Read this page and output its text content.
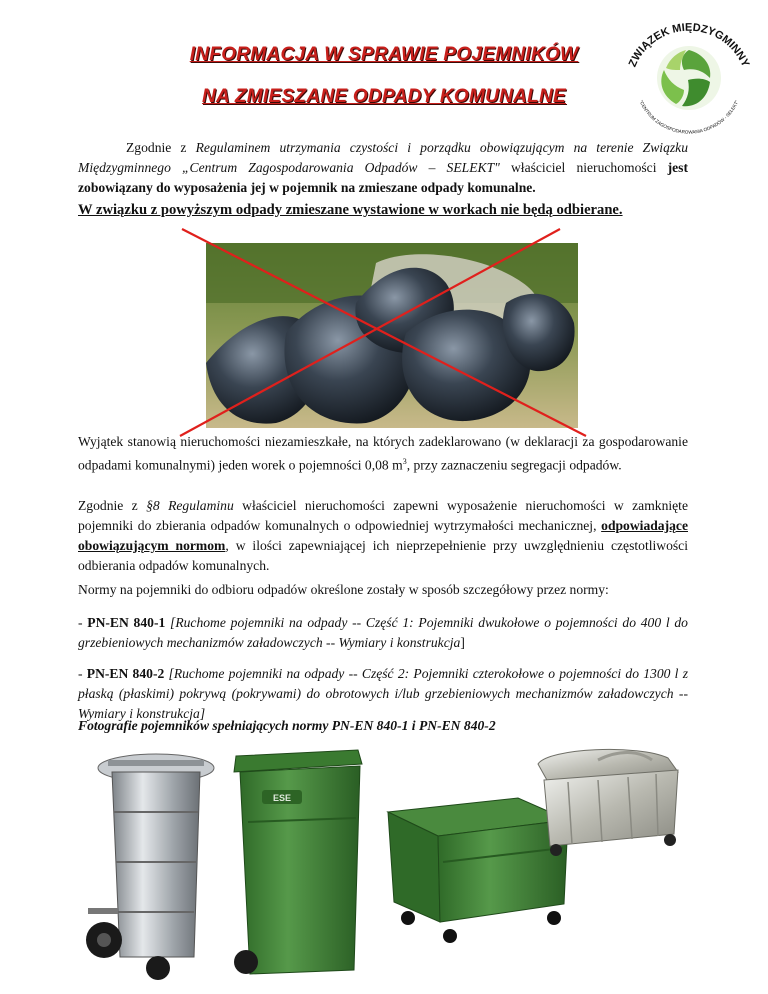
INFORMACJA W SPRAWIE POJEMNIKÓW
NA ZMIESZANE ODPADY KOMUNALNE
ZWIĄZEK MIĘDZYGMINNY
"CENTRUM ZAGOSPODAROWANIA ODPADÓW - SELEKT"

Zgodnie z Regulaminem utrzymania czystości i porządku obowiązującym na terenie Związku Międzygminnego „Centrum Zagospodarowania Odpadów – SELEKT" właściciel nieruchomości jest zobowiązany do wyposażenia jej w pojemnik na zmieszane odpady komunalne.

W związku z powyższym odpady zmieszane wystawione w workach nie będą odbierane.

Wyjątek stanowią nieruchomości niezamieszkałe, na których zadeklarowano (w deklaracji za gospodarowanie odpadami komunalnymi) jeden worek o pojemności 0,08 $m^3$, przy zaznaczeniu segregacji odpadów.

Zgodnie z §8 Regulaminu właściciel nieruchomości zapewni wyposażenie nieruchomości w zamknięte pojemniki do zbierania odpadów komunalnych o odpowiedniej wytrzymałości mechanicznej, odpowiadające obowiązującym normom, w ilości zapewniającej ich nieprzepełnienie przy uwzględnieniu częstotliwości odbierania odpadów komunalnych.

Normy na pojemniki do odbioru odpadów określone zostały w sposób szczegółowy przez normy:

- PN-EN 840-1 [Ruchome pojemniki na odpady -- Część 1: Pojemniki dwukołowe o pojemności do 400 l do grzebieniowych mechanizmów załadowczych -- Wymiary i konstrukcja]

- PN-EN 840-2 [Ruchome pojemniki na odpady -- Część 2: Pojemniki czterokołowe o pojemności do 1300 l z płaską (płaskimi) pokrywą (pokrywami) do obrotowych i/lub grzebieniowych mechanizmów załadowczych -- Wymiary i konstrukcja]

Fotografie pojemników spełniających normy PN-EN 840-1 i PN-EN 840-2

ESE
